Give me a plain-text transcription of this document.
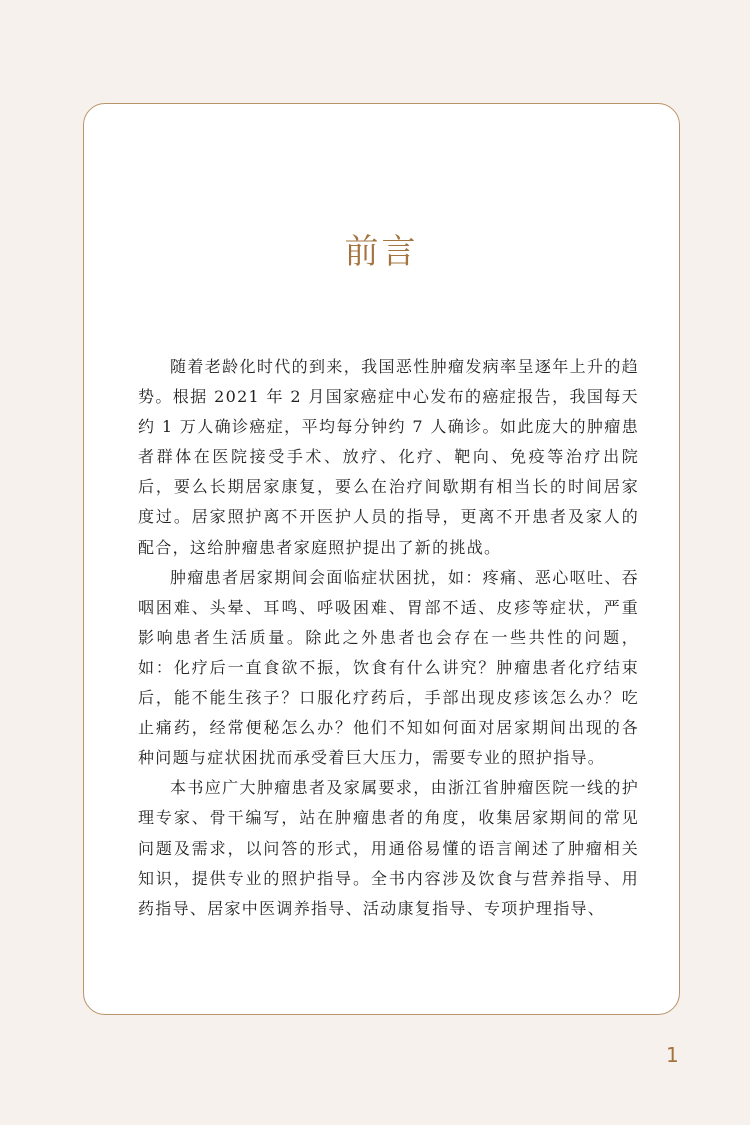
前言

随着老龄化时代的到来，我国恶性肿瘤发病率呈逐年上升的趋势。根据 2021 年 2 月国家癌症中心发布的癌症报告，我国每天约 1 万人确诊癌症，平均每分钟约 7 人确诊。如此庞大的肿瘤患者群体在医院接受手术、放疗、化疗、靶向、免疫等治疗出院后，要么长期居家康复，要么在治疗间歇期有相当长的时间居家度过。居家照护离不开医护人员的指导，更离不开患者及家人的配合，这给肿瘤患者家庭照护提出了新的挑战。

肿瘤患者居家期间会面临症状困扰，如：疼痛、恶心呕吐、吞咽困难、头晕、耳鸣、呼吸困难、胃部不适、皮疹等症状，严重影响患者生活质量。除此之外患者也会存在一些共性的问题，如：化疗后一直食欲不振，饮食有什么讲究？肿瘤患者化疗结束后，能不能生孩子？口服化疗药后，手部出现皮疹该怎么办？吃止痛药，经常便秘怎么办？他们不知如何面对居家期间出现的各种问题与症状困扰而承受着巨大压力，需要专业的照护指导。

本书应广大肿瘤患者及家属要求，由浙江省肿瘤医院一线的护理专家、骨干编写，站在肿瘤患者的角度，收集居家期间的常见问题及需求，以问答的形式，用通俗易懂的语言阐述了肿瘤相关知识，提供专业的照护指导。全书内容涉及饮食与营养指导、用药指导、居家中医调养指导、活动康复指导、专项护理指导、

1
